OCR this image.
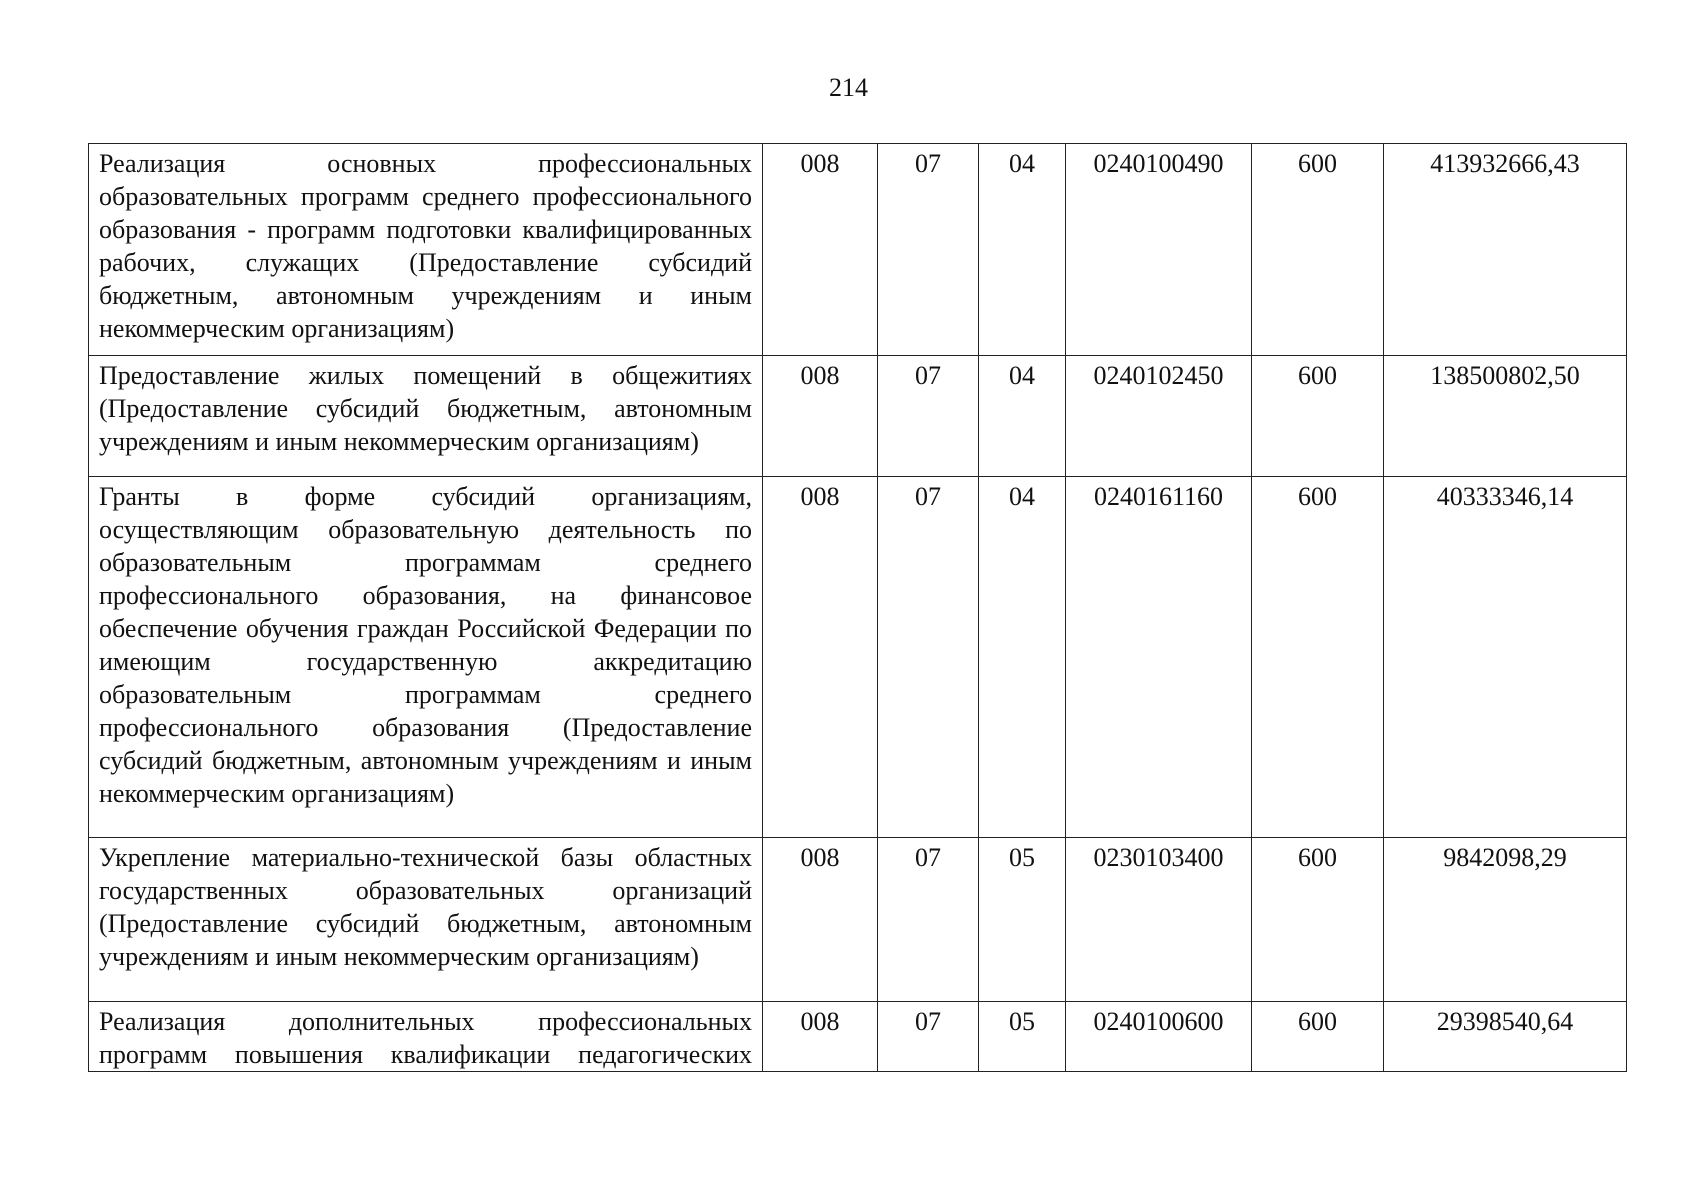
214
Реализация основных профессиональных образовательных программ среднего профессионального образования - программ подготовки квалифицированных рабочих, служащих (Предоставление субсидий бюджетным, автономным учреждениям и иным некоммерческим организациям)	008	07	04	0240100490	600	413932666,43
Предоставление жилых помещений в общежитиях (Предоставление субсидий бюджетным, автономным учреждениям и иным некоммерческим организациям)	008	07	04	0240102450	600	138500802,50
Гранты в форме субсидий организациям, осуществляющим образовательную деятельность по образовательным программам среднего профессионального образования, на финансовое обеспечение обучения граждан Российской Федерации по имеющим государственную аккредитацию образовательным программам среднего профессионального образования (Предоставление субсидий бюджетным, автономным учреждениям и иным некоммерческим организациям)	008	07	04	0240161160	600	40333346,14
Укрепление материально-технической базы областных государственных образовательных организаций (Предоставление субсидий бюджетным, автономным учреждениям и иным некоммерческим организациям)	008	07	05	0230103400	600	9842098,29
Реализация дополнительных профессиональных программ повышения квалификации педагогических	008	07	05	0240100600	600	29398540,64
